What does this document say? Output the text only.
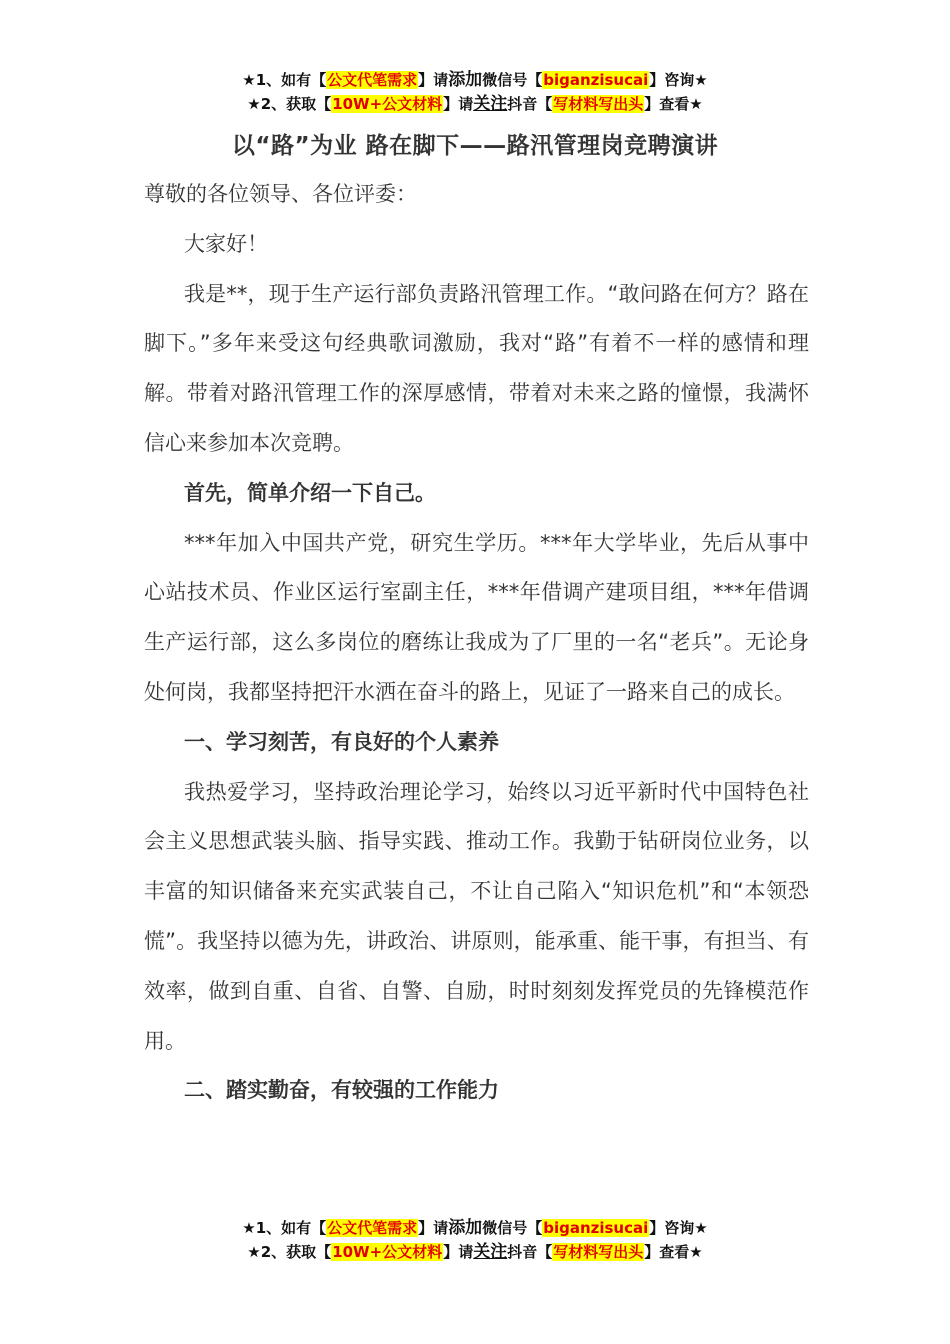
★1、如有【公文代笔需求】请添加微信号【biganzisucai】咨询★
★2、获取【10W+公文材料】请关注抖音【写材料写出头】查看★
以“路”为业 路在脚下——路汛管理岗竞聘演讲

尊敬的各位领导、各位评委：

大家好！

我是**，现于生产运行部负责路汛管理工作。“敢问路在何方？路在脚下。”多年来受这句经典歌词激励，我对“路”有着不一样的感情和理解。带着对路汛管理工作的深厚感情，带着对未来之路的憧憬，我满怀信心来参加本次竞聘。

首先，简单介绍一下自己。

***年加入中国共产党，研究生学历。***年大学毕业，先后从事中心站技术员、作业区运行室副主任，***年借调产建项目组，***年借调生产运行部，这么多岗位的磨练让我成为了厂里的一名“老兵”。无论身处何岗，我都坚持把汗水洒在奋斗的路上，见证了一路来自己的成长。

一、学习刻苦，有良好的个人素养

我热爱学习，坚持政治理论学习，始终以习近平新时代中国特色社会主义思想武装头脑、指导实践、推动工作。我勤于钻研岗位业务，以丰富的知识储备来充实武装自己，不让自己陷入“知识危机”和“本领恐慌”。我坚持以德为先，讲政治、讲原则，能承重、能干事，有担当、有效率，做到自重、自省、自警、自励，时时刻刻发挥党员的先锋模范作用。

二、踏实勤奋，有较强的工作能力

★1、如有【公文代笔需求】请添加微信号【biganzisucai】咨询★
★2、获取【10W+公文材料】请关注抖音【写材料写出头】查看★
